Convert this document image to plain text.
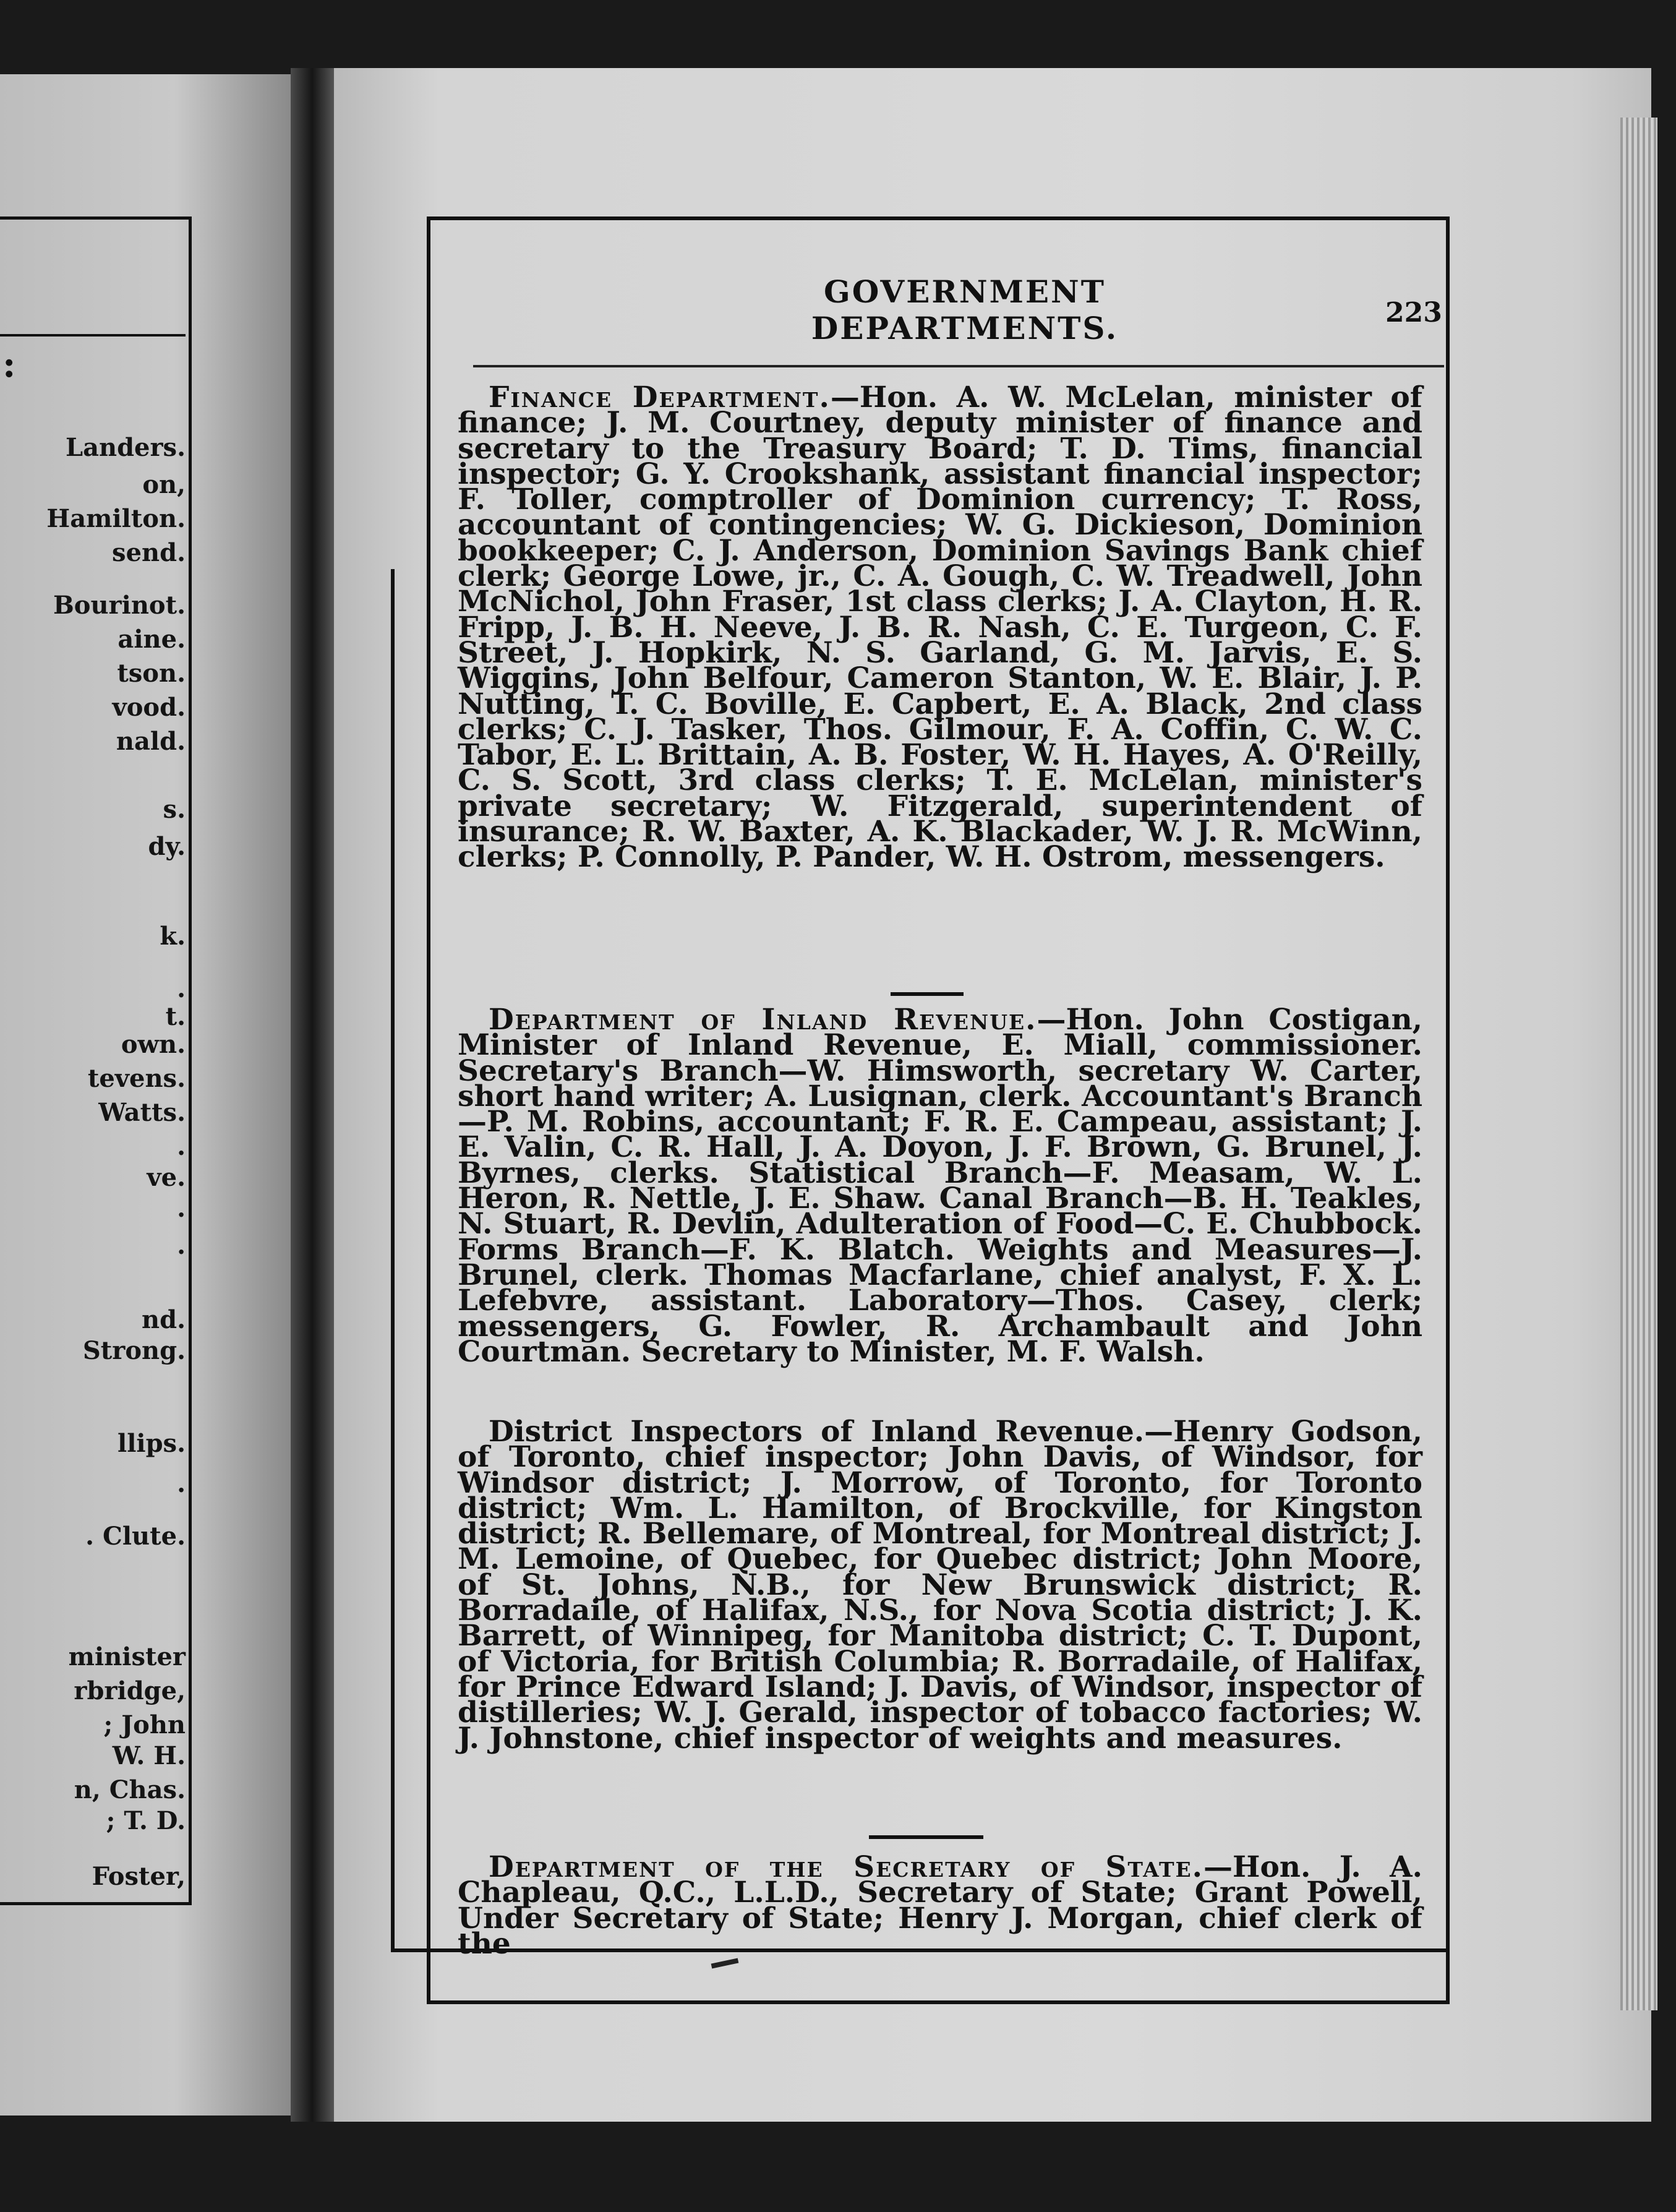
:
Landers.
on,
Hamilton.
send.
Bourinot.
aine.
tson.
vood.
nald.
s.
dy.
k.
.
t.
own.
tevens.
Watts.
.
ve.
.
.
nd.
Strong.
llips.
.
. Clute.
minister
rbridge,
; John
W. H.
n, Chas.
; T. D.
Foster,
GOVERNMENT DEPARTMENTS.	223

Finance Department.—Hon. A. W. McLelan, minister of finance; J. M. Courtney, deputy minister of finance and secretary to the Treasury Board; T. D. Tims, financial inspector; G. Y. Crookshank, assistant financial inspector; F. Toller, comptroller of Dominion currency; T. Ross, accountant of contingencies; W. G. Dickieson, Dominion bookkeeper; C. J. Anderson, Dominion Savings Bank chief clerk; George Lowe, jr., C. A. Gough, C. W. Treadwell, John McNichol, John Fraser, 1st class clerks; J. A. Clayton, H. R. Fripp, J. B. H. Neeve, J. B. R. Nash, C. E. Turgeon, C. F. Street, J. Hopkirk, N. S. Garland, G. M. Jarvis, E. S. Wiggins, John Belfour, Cameron Stanton, W. E. Blair, J. P. Nutting, T. C. Boville, E. Capbert, E. A. Black, 2nd class clerks; C. J. Tasker, Thos. Gilmour, F. A. Coffin, C. W. C. Tabor, E. L. Brittain, A. B. Foster, W. H. Hayes, A. O'Reilly, C. S. Scott, 3rd class clerks; T. E. McLelan, minister's private secretary; W. Fitzgerald, superintendent of insurance; R. W. Baxter, A. K. Blackader, W. J. R. McWinn, clerks; P. Connolly, P. Pander, W. H. Ostrom, messengers.

Department of Inland Revenue.—Hon. John Costigan, Minister of Inland Revenue, E. Miall, commissioner. Secretary's Branch—W. Himsworth, secretary W. Carter, short hand writer; A. Lusignan, clerk. Accountant's Branch—P. M. Robins, accountant; F. R. E. Campeau, assistant; J. E. Valin, C. R. Hall, J. A. Doyon, J. F. Brown, G. Brunel, J. Byrnes, clerks. Statistical Branch—F. Measam, W. L. Heron, R. Nettle, J. E. Shaw. Canal Branch—B. H. Teakles, N. Stuart, R. Devlin, Adulteration of Food—C. E. Chubbock. Forms Branch—F. K. Blatch. Weights and Measures—J. Brunel, clerk. Thomas Macfarlane, chief analyst, F. X. L. Lefebvre, assistant. Laboratory—Thos. Casey, clerk; messengers, G. Fowler, R. Archambault and John Courtman. Secretary to Minister, M. F. Walsh.

District Inspectors of Inland Revenue.—Henry Godson, of Toronto, chief inspector; John Davis, of Windsor, for Windsor district; J. Morrow, of Toronto, for Toronto district; Wm. L. Hamilton, of Brockville, for Kingston district; R. Bellemare, of Montreal, for Montreal district; J. M. Lemoine, of Quebec, for Quebec district; John Moore, of St. Johns, N.B., for New Brunswick district; R. Borradaile, of Halifax, N.S., for Nova Scotia district; J. K. Barrett, of Winnipeg, for Manitoba district; C. T. Dupont, of Victoria, for British Columbia; R. Borradaile, of Halifax, for Prince Edward Island; J. Davis, of Windsor, inspector of distilleries; W. J. Gerald, inspector of tobacco factories; W. J. Johnstone, chief inspector of weights and measures.

Department of the Secretary of State.—Hon. J. A. Chapleau, Q.C., L.L.D., Secretary of State; Grant Powell, Under Secretary of State; Henry J. Morgan, chief clerk of the
